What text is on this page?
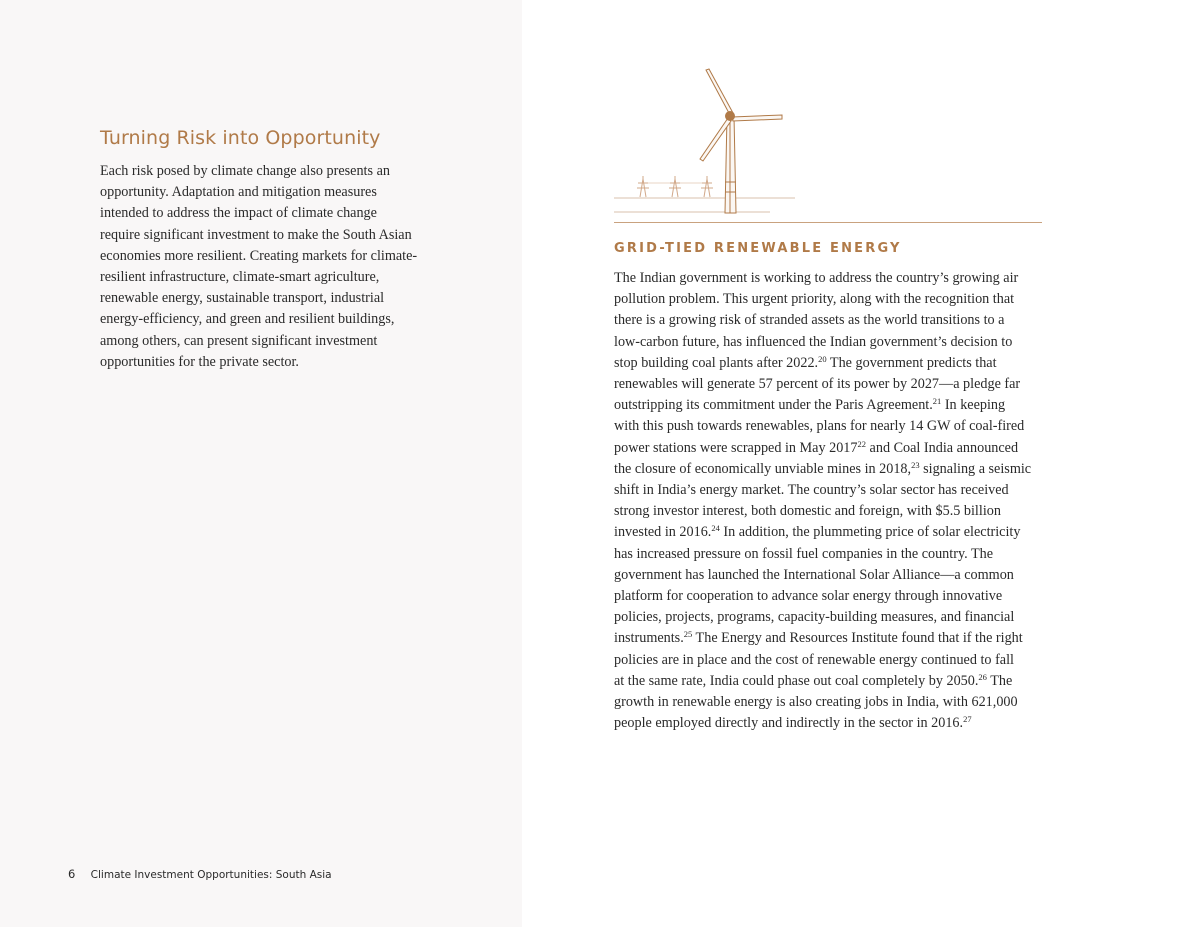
Turning Risk into Opportunity

Each risk posed by climate change also presents an
opportunity. Adaptation and mitigation measures
intended to address the impact of climate change
require significant investment to make the South Asian
economies more resilient. Creating markets for climate-
resilient infrastructure, climate-smart agriculture,
renewable energy, sustainable transport, industrial
energy-efficiency, and green and resilient buildings,
among others, can present significant investment
opportunities for the private sector.

GRID-TIED RENEWABLE ENERGY

The Indian government is working to address the country’s growing air
pollution problem. This urgent priority, along with the recognition that
there is a growing risk of stranded assets as the world transitions to a
low-carbon future, has influenced the Indian government’s decision to
stop building coal plants after 2022.20 The government predicts that
renewables will generate 57 percent of its power by 2027—a pledge far
outstripping its commitment under the Paris Agreement.$^{21}$ In keeping
with this push towards renewables, plans for nearly 14 GW of coal-fired
power stations were scrapped in May 2017$^{22}$ and Coal India announced
the closure of economically unviable mines in 2018,23 signaling a seismic
shift in India’s energy market. The country’s solar sector has received
strong investor interest, both domestic and foreign, with $5.5 billion
invested in 2016.24 In addition, the plummeting price of solar electricity
has increased pressure on fossil fuel companies in the country. The
government has launched the International Solar Alliance—a common
platform for cooperation to advance solar energy through innovative
policies, projects, programs, capacity-building measures, and financial
instruments.$^{25}$ The Energy and Resources Institute found that if the right
policies are in place and the cost of renewable energy continued to fall
at the same rate, India could phase out coal completely by 2050.26 The
growth in renewable energy is also creating jobs in India, with 621,000
people employed directly and indirectly in the sector in 2016.27

6 Climate Investment Opportunities: South Asia
